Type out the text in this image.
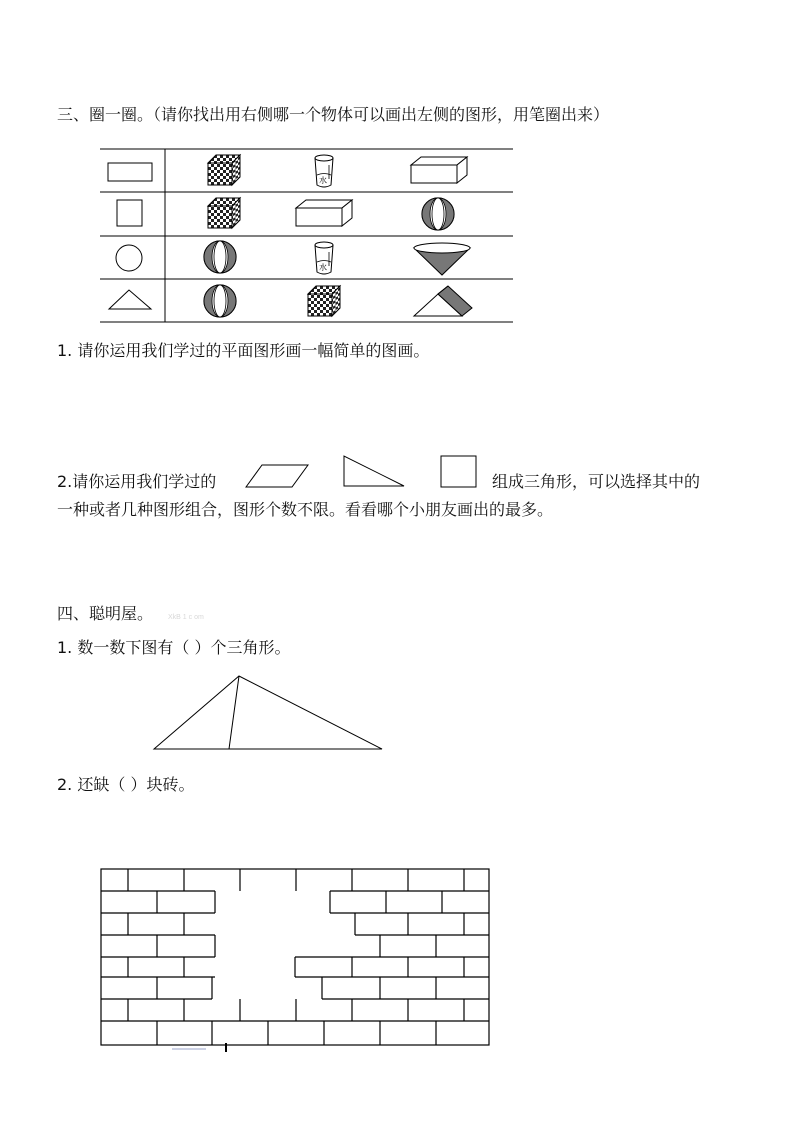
三、圈一圈。（请你找出用右侧哪一个物体可以画出左侧的图形，用笔圈出来）
水
1. 请你运用我们学过的平面图形画一幅简单的图画。
2.请你运用我们学过的	组成三角形，可以选择其中的
一种或者几种图形组合，图形个数不限。看看哪个小朋友画出的最多。
四、聪明屋。 XkB 1 c om
1. 数一数下图有（ ）个三角形。
2. 还缺（ ）块砖。
